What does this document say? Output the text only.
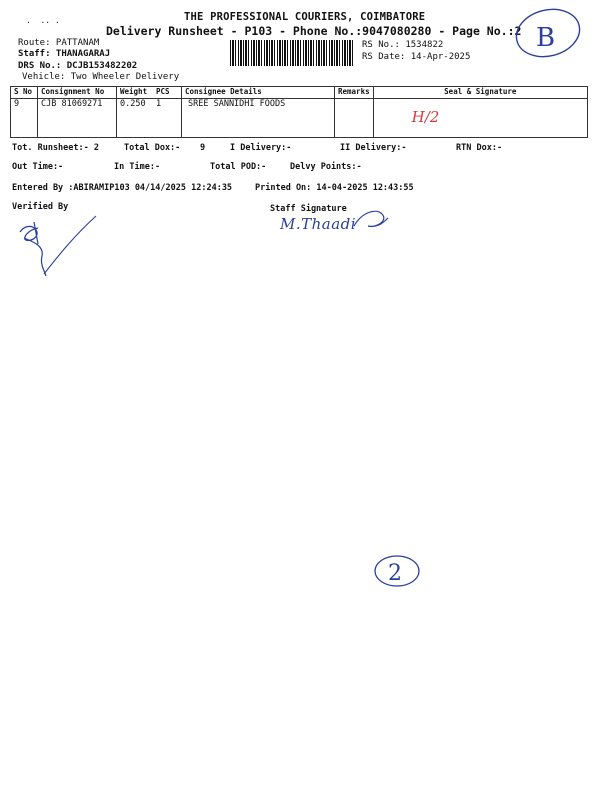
THE PROFESSIONAL COURIERS, COIMBATORE
Delivery Runsheet - P103 - Phone No.:9047080280 - Page No.:2
·  ·· ·
Route: PATTANAM
Staff: THANAGARAJ
DRS No.: DCJB153482202
Vehicle: Two Wheeler Delivery
RS No.: 1534822
RS Date: 14-Apr-2025
B
S No	Consignment No	Weight	PCS	Consignee Details	Remarks	Seal & Signature
9	CJB 81069271	0.250	1	SREE SANNIDHI FOODS		H/2
Tot. Runsheet:- 2	Total Dox:- 9	I Delivery:-	II Delivery:-	RTN Dox:-
Out Time:-	In Time:-	Total POD:-	Delvy Points:-
Entered By :ABIRAMIP103 04/14/2025 12:24:35	Printed On: 14-04-2025 12:43:55
Verified By	Staff Signature
M.Thaadi
2
